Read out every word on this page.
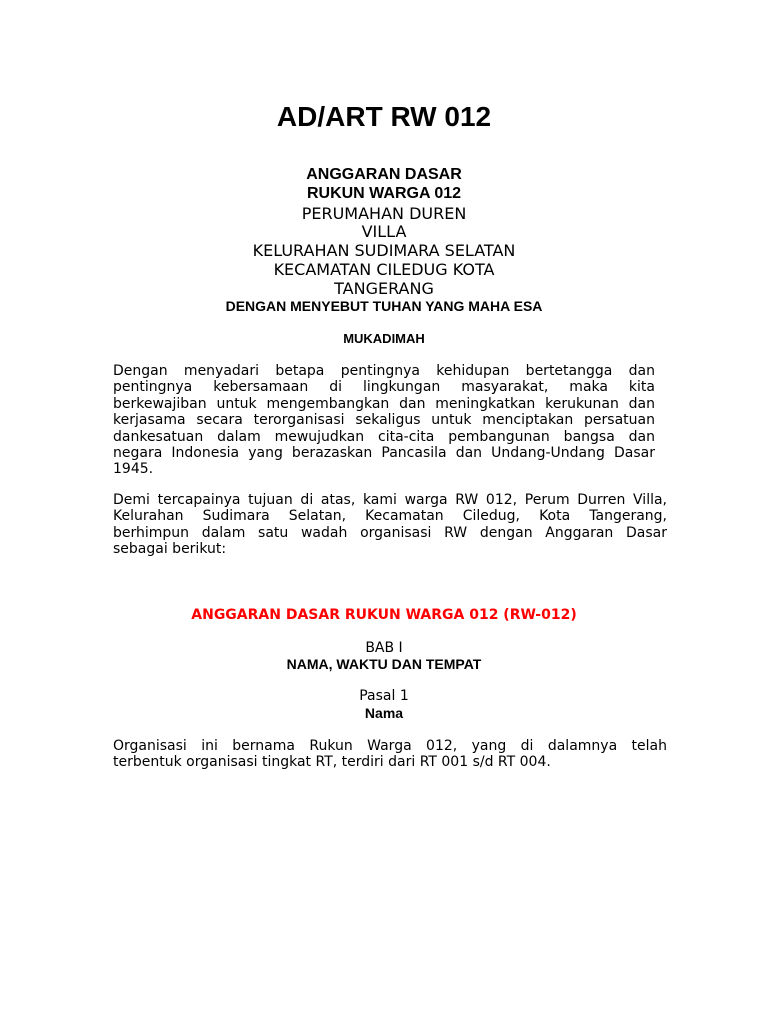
AD/ART RW 012
ANGGARAN DASAR
RUKUN WARGA 012
PERUMAHAN DUREN
VILLA
KELURAHAN SUDIMARA SELATAN
KECAMATAN CILEDUG KOTA
TANGERANG
DENGAN MENYEBUT TUHAN YANG MAHA ESA
MUKADIMAH
Dengan menyadari betapa pentingnya kehidupan bertetangga dan
pentingnya kebersamaan di lingkungan masyarakat, maka kita
berkewajiban untuk mengembangkan dan meningkatkan kerukunan dan
kerjasama secara terorganisasi sekaligus untuk menciptakan persatuan
dankesatuan dalam mewujudkan cita-cita pembangunan bangsa dan
negara Indonesia yang berazaskan Pancasila dan Undang-Undang Dasar
1945.
Demi tercapainya tujuan di atas, kami warga RW 012, Perum Durren Villa,
Kelurahan Sudimara Selatan, Kecamatan Ciledug, Kota Tangerang,
berhimpun dalam satu wadah organisasi RW dengan Anggaran Dasar
sebagai berikut:
ANGGARAN DASAR RUKUN WARGA 012 (RW-012)
BAB I
NAMA, WAKTU DAN TEMPAT
Pasal 1
Nama
Organisasi ini bernama Rukun Warga 012, yang di dalamnya telah
terbentuk organisasi tingkat RT, terdiri dari RT 001 s/d RT 004.
